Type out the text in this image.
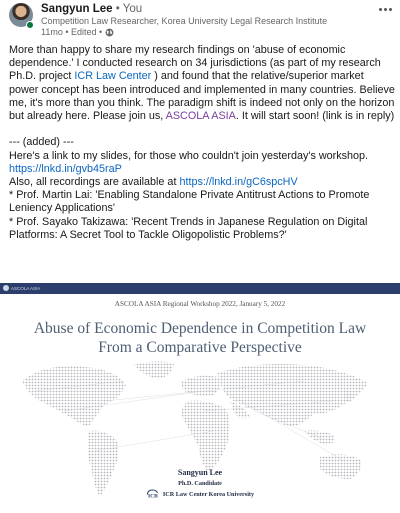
Sangyun Lee • You
Competition Law Researcher, Korea University Legal Research Institute
11mo • Edited •

More than happy to share my research findings on 'abuse of economic dependence.' I conducted research on 34 jurisdictions (as part of my research Ph.D. project ICR Law Center ) and found that the relative/superior market power concept has been introduced and implemented in many countries. Believe me, it's more than you think. The paradigm shift is indeed not only on the horizon but already here. Please join us, ASCOLA ASIA. It will start soon! (link is in reply)

--- (added) ---

Here's a link to my slides, for those who couldn't join yesterday's workshop.

https://lnkd.in/gvb45raP

Also, all recordings are available at https://lnkd.in/gC6spcHV

* Prof. Martin Lai: 'Enabling Standalone Private Antitrust Actions to Promote Leniency Applications'

* Prof. Sayako Takizawa: 'Recent Trends in Japanese Regulation on Digital Platforms: A Secret Tool to Tackle Oligopolistic Problems?'

ASCOLA ASIA
ASCOLA ASIA Regional Workshop 2022, January 5, 2022
Abuse of Economic Dependence in Competition Law
From a Comparative Perspective
Sangyun Lee
Ph.D. Candidate
ICR ICR Law Center Korea University
